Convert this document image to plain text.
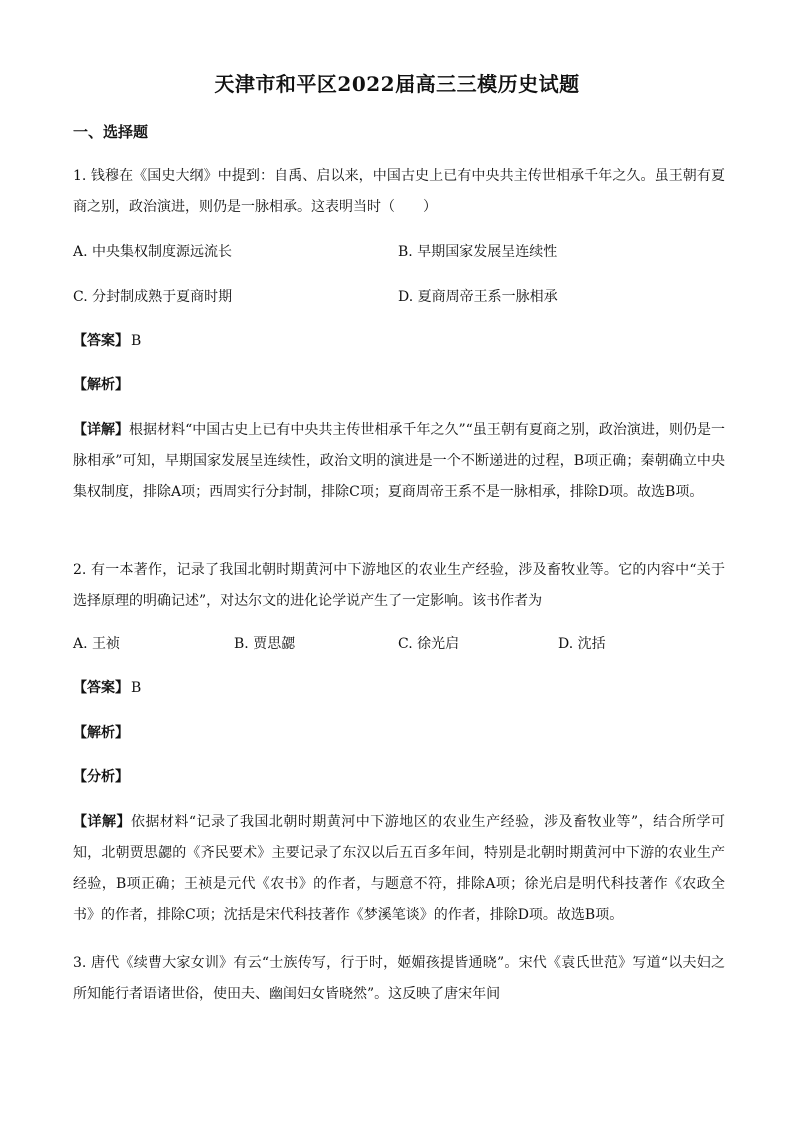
天津市和平区2022届高三三模历史试题
一、选择题
1. 钱穆在《国史大纲》中提到：自禹、启以来，中国古史上已有中央共主传世相承千年之久。虽王朝有夏商之别，政治演进，则仍是一脉相承。这表明当时（　　）
A. 中央集权制度源远流长	B. 早期国家发展呈连续性
C. 分封制成熟于夏商时期	D. 夏商周帝王系一脉相承
【答案】 B
【解析】
【详解】根据材料“中国古史上已有中央共主传世相承千年之久”“虽王朝有夏商之别，政治演进，则仍是一脉相承”可知，早期国家发展呈连续性，政治文明的演进是一个不断递进的过程，B项正确；秦朝确立中央集权制度，排除A项；西周实行分封制，排除C项；夏商周帝王系不是一脉相承，排除D项。故选B项。
2. 有一本著作，记录了我国北朝时期黄河中下游地区的农业生产经验，涉及畜牧业等。它的内容中“关于选择原理的明确记述”，对达尔文的进化论学说产生了一定影响。该书作者为
A. 王祯	B. 贾思勰	C. 徐光启	D. 沈括
【答案】 B
【解析】
【分析】
【详解】依据材料“记录了我国北朝时期黄河中下游地区的农业生产经验，涉及畜牧业等”，结合所学可知，北朝贾思勰的《齐民要术》主要记录了东汉以后五百多年间，特别是北朝时期黄河中下游的农业生产经验，B项正确；王祯是元代《农书》的作者，与题意不符，排除A项；徐光启是明代科技著作《农政全书》的作者，排除C项；沈括是宋代科技著作《梦溪笔谈》的作者，排除D项。故选B项。
3. 唐代《续曹大家女训》有云“士族传写，行于时，姬媚孩提皆通晓”。宋代《袁氏世范》写道“以夫妇之所知能行者语诸世俗，使田夫、幽闺妇女皆晓然”。这反映了唐宋年间
